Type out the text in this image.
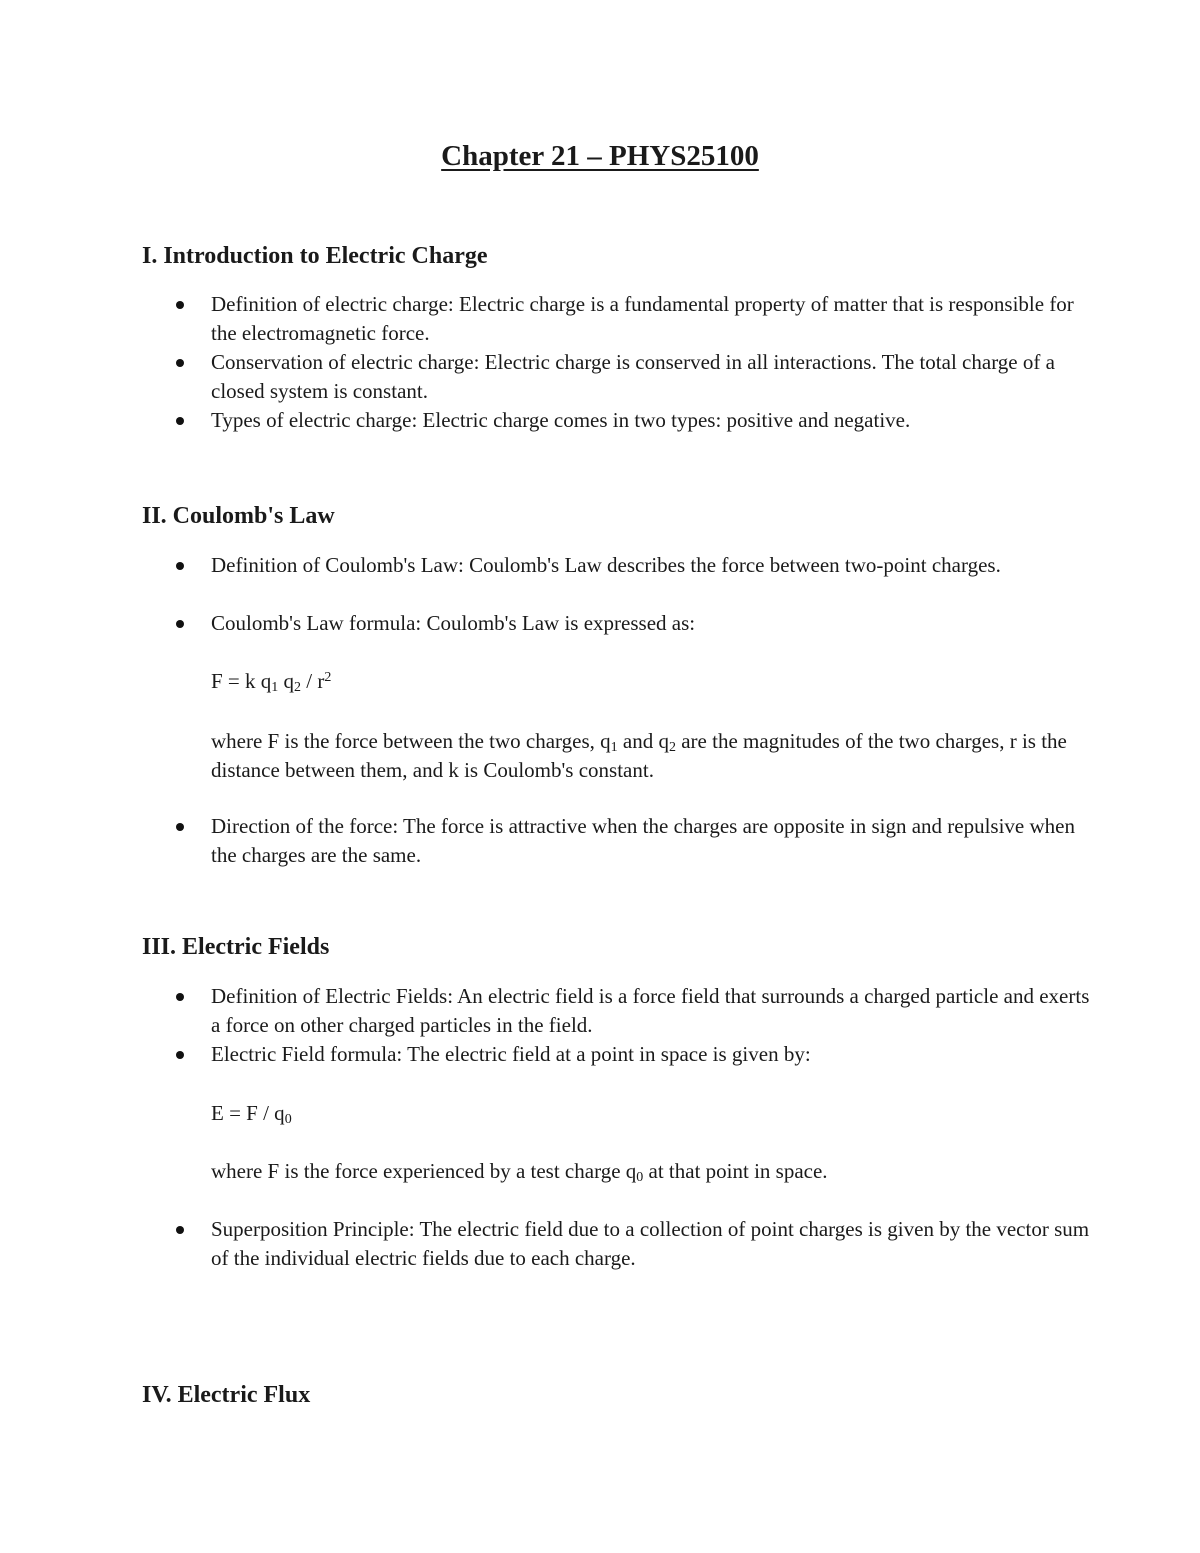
Chapter 21 – PHYS25100
I. Introduction to Electric Charge
Definition of electric charge: Electric charge is a fundamental property of matter that is responsible for the electromagnetic force.
Conservation of electric charge: Electric charge is conserved in all interactions. The total charge of a closed system is constant.
Types of electric charge: Electric charge comes in two types: positive and negative.
II. Coulomb's Law
Definition of Coulomb's Law: Coulomb's Law describes the force between two-point charges.
Coulomb's Law formula: Coulomb's Law is expressed as:
F = k $q_1$ $q_2 / r^2$
where F is the force between the two charges, $q_1$ and $q_2$ are the magnitudes of the two charges, r is the distance between them, and k is Coulomb's constant.
Direction of the force: The force is attractive when the charges are opposite in sign and repulsive when the charges are the same.
III. Electric Fields
Definition of Electric Fields: An electric field is a force field that surrounds a charged particle and exerts a force on other charged particles in the field.
Electric Field formula: The electric field at a point in space is given by:
$E = F / q_0$
where F is the force experienced by a test charge $q_0$ at that point in space.
Superposition Principle: The electric field due to a collection of point charges is given by the vector sum of the individual electric fields due to each charge.
IV. Electric Flux
